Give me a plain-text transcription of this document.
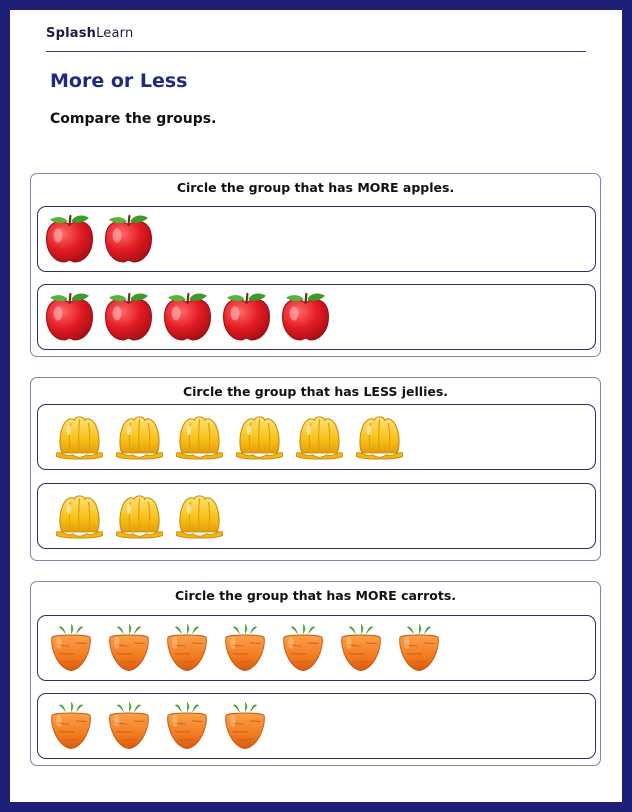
SplashLearn
More or Less

Compare the groups.

Circle the group that has MORE apples.
Circle the group that has LESS jellies.
Circle the group that has MORE carrots.
